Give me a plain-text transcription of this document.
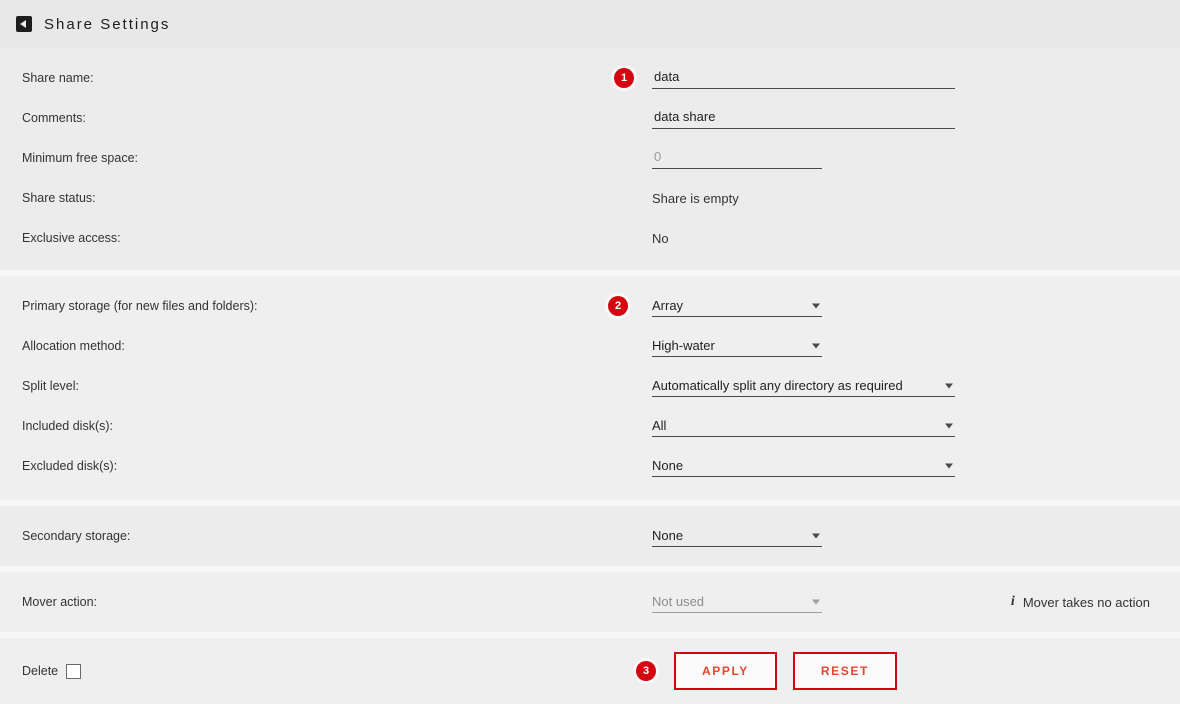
Share Settings
Share name:	1
data
Comments:
data share
Minimum free space:
0
Share status:	Share is empty
Exclusive access:	No
Primary storage (for new files and folders):	2	Array
Allocation method:	High-water
Split level:	Automatically split any directory as required
Included disk(s):	All
Excluded disk(s):	None
Secondary storage:	None
Mover action:	Not used	i Mover takes no action
Delete	3	APPLY	RESET
